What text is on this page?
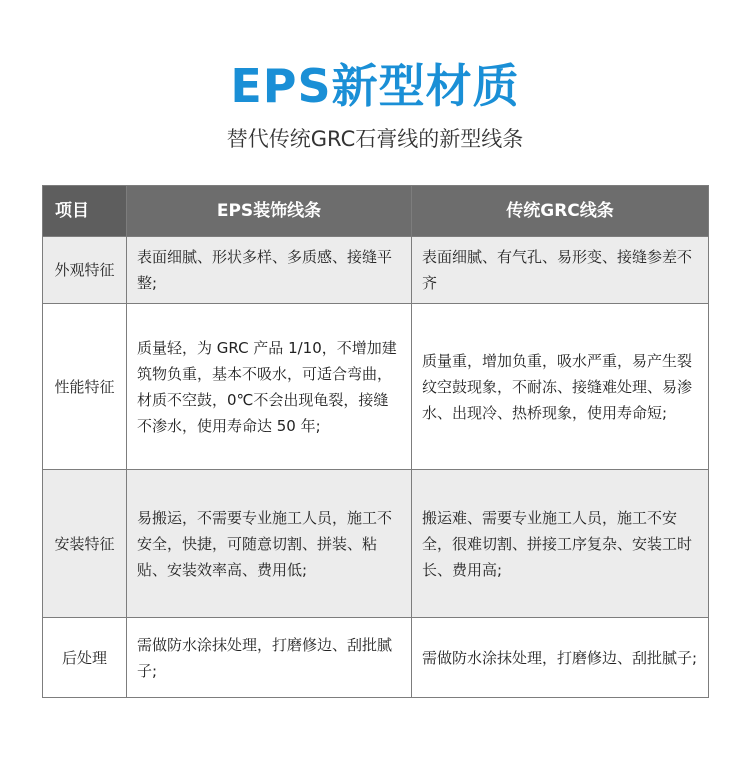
EPS新型材质
替代传统GRC石膏线的新型线条
项目	EPS装饰线条	传统GRC线条
外观特征	表面细腻、形状多样、多质感、接缝平整;	表面细腻、有气孔、易形变、接缝参差不齐

性能特征	质量轻，为 GRC 产品 1/10，不增加建筑物负重，基本不吸水，可适合弯曲，材质不空鼓，0℃不会出现龟裂，接缝不渗水，使用寿命达 50 年;	质量重，增加负重，吸水严重，易产生裂纹空鼓现象，不耐冻、接缝难处理、易渗水、出现冷、热桥现象，使用寿命短;

安装特征	易搬运，不需要专业施工人员，施工不安全，快捷，可随意切割、拼装、粘贴、安装效率高、费用低;	搬运难、需要专业施工人员，施工不安全，很难切割、拼接工序复杂、安装工时长、费用高;

后处理	需做防水涂抹处理，打磨修边、刮批腻子;	需做防水涂抹处理，打磨修边、刮批腻子;
